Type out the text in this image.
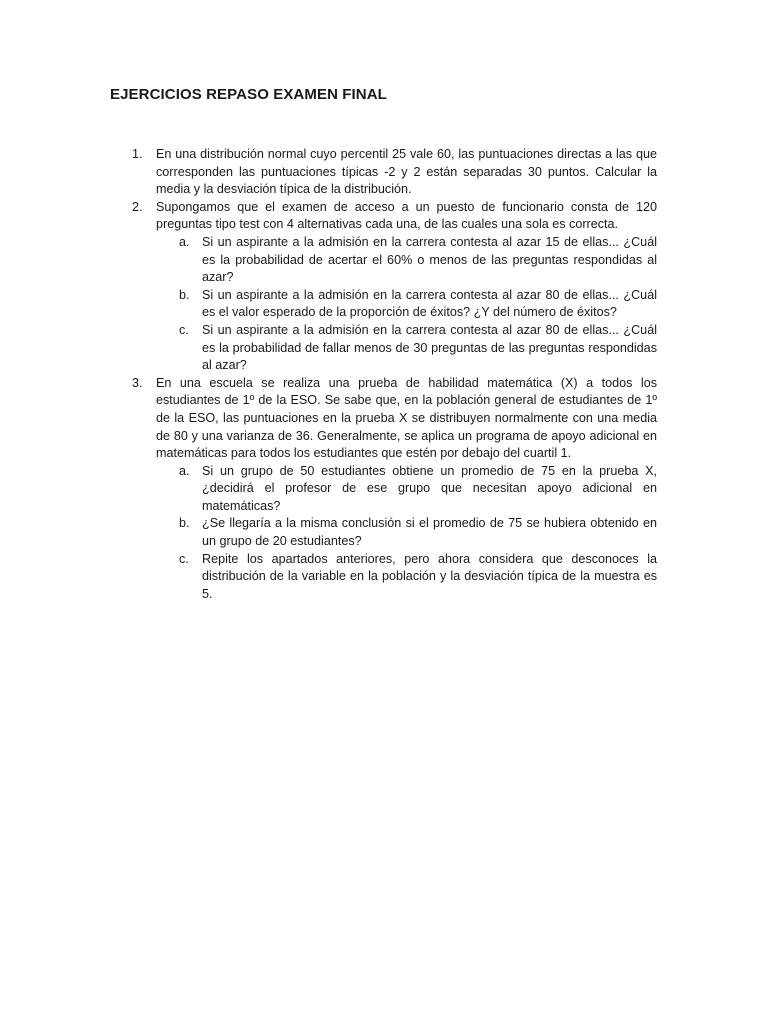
EJERCICIOS REPASO EXAMEN FINAL
1. En una distribución normal cuyo percentil 25 vale 60, las puntuaciones directas a las que corresponden las puntuaciones típicas -2 y 2 están separadas 30 puntos. Calcular la media y la desviación típica de la distribución.
2. Supongamos que el examen de acceso a un puesto de funcionario consta de 120 preguntas tipo test con 4 alternativas cada una, de las cuales una sola es correcta.
a. Si un aspirante a la admisión en la carrera contesta al azar 15 de ellas... ¿Cuál es la probabilidad de acertar el 60% o menos de las preguntas respondidas al azar?
b. Si un aspirante a la admisión en la carrera contesta al azar 80 de ellas... ¿Cuál es el valor esperado de la proporción de éxitos? ¿Y del número de éxitos?
c. Si un aspirante a la admisión en la carrera contesta al azar 80 de ellas... ¿Cuál es la probabilidad de fallar menos de 30 preguntas de las preguntas respondidas al azar?
3. En una escuela se realiza una prueba de habilidad matemática (X) a todos los estudiantes de 1º de la ESO. Se sabe que, en la población general de estudiantes de 1º de la ESO, las puntuaciones en la prueba X se distribuyen normalmente con una media de 80 y una varianza de 36. Generalmente, se aplica un programa de apoyo adicional en matemáticas para todos los estudiantes que estén por debajo del cuartil 1.
a. Si un grupo de 50 estudiantes obtiene un promedio de 75 en la prueba X, ¿decidirá el profesor de ese grupo que necesitan apoyo adicional en matemáticas?
b. ¿Se llegaría a la misma conclusión si el promedio de 75 se hubiera obtenido en un grupo de 20 estudiantes?
c. Repite los apartados anteriores, pero ahora considera que desconoces la distribución de la variable en la población y la desviación típica de la muestra es 5.
